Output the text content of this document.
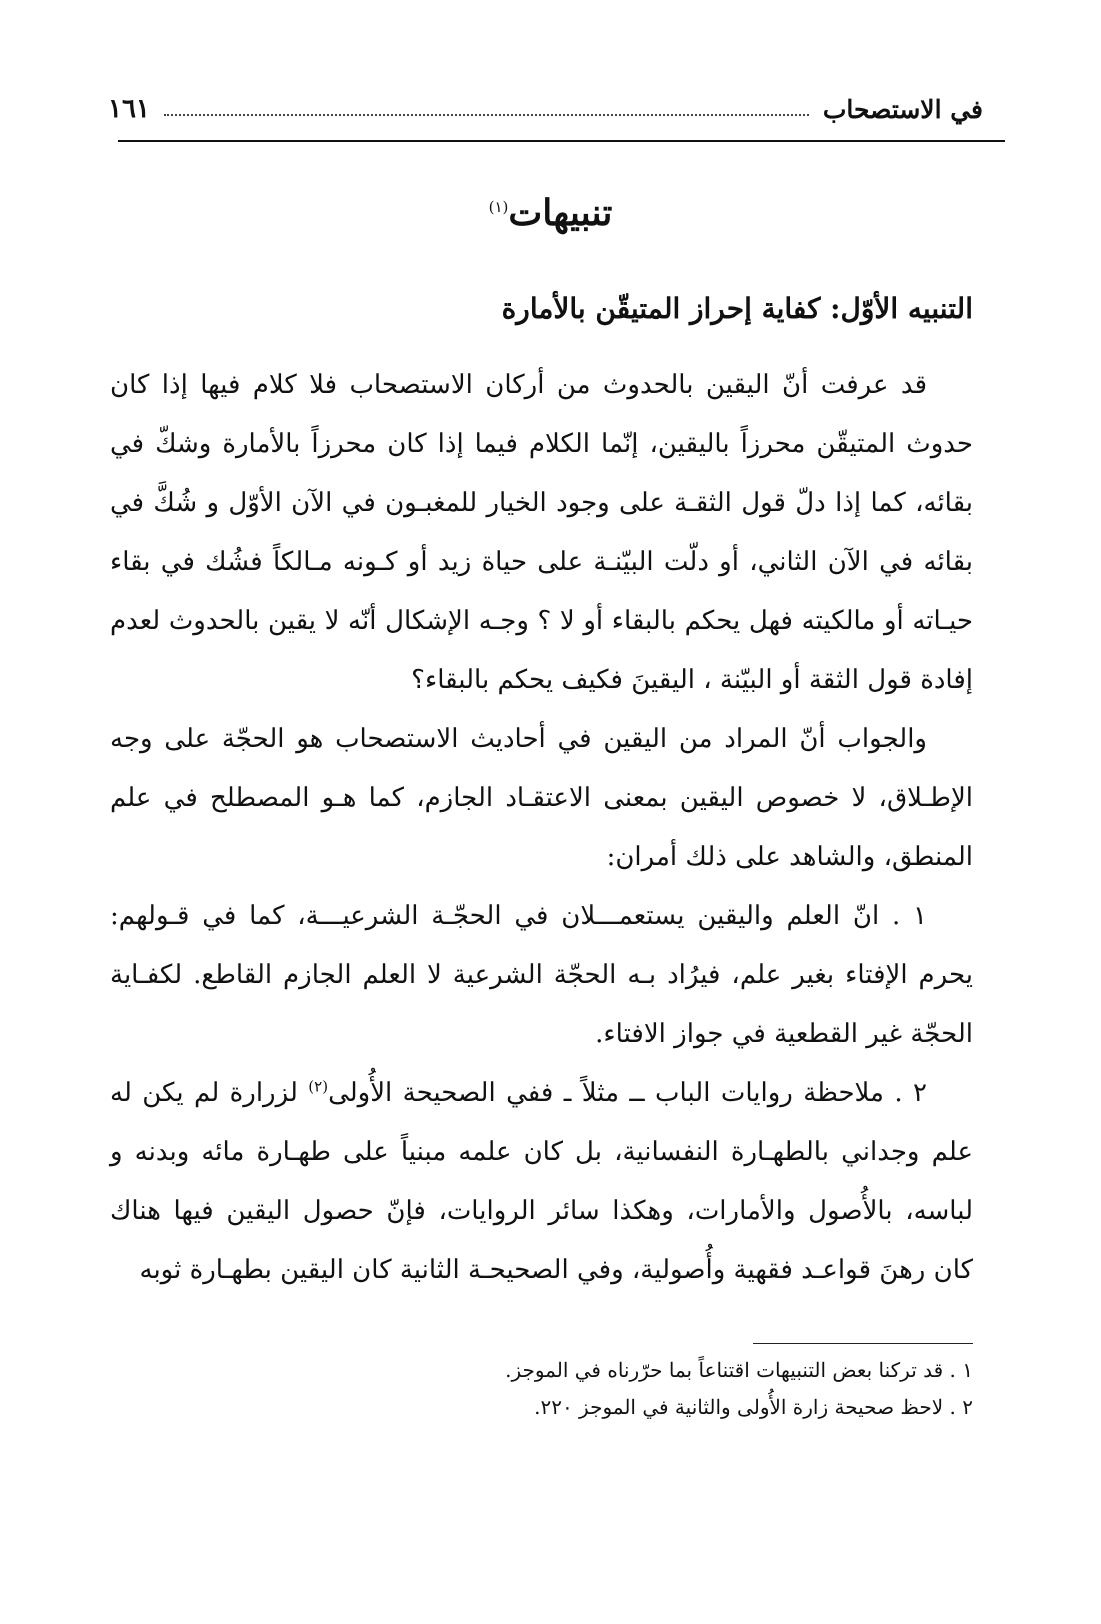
في الاستصحاب
١٦١
تنبيهات$^{(١)}$
التنبيه الأوّل: كفاية إحراز المتيقّن بالأمارة

قد عرفت أنّ اليقين بالحدوث من أركان الاستصحاب فلا كلام فيها إذا كان حدوث المتيقّن محرزاً باليقين، إنّما الكلام فيما إذا كان محرزاً بالأمارة وشكّ في بقائه، كما إذا دلّ قول الثقـة على وجود الخيار للمغبـون في الآن الأوّل و شُكَّ في بقائه في الآن الثاني، أو دلّت البيّنـة على حياة زيد أو كـونه مـالكاً فشُك في بقاء حيـاته أو مالكيته فهل يحكم بالبقاء أو لا ؟ وجـه الإشكال أنّه لا يقين بالحدوث لعدم إفادة قول الثقة أو البيّنة ، اليقينَ فكيف يحكم بالبقاء؟

والجواب أنّ المراد من اليقين في أحاديث الاستصحاب هو الحجّة على وجه الإطـلاق، لا خصوص اليقين بمعنى الاعتقـاد الجازم، كما هـو المصطلح في علم المنطق، والشاهد على ذلك أمران:

١ . انّ العلم واليقين يستعمـــلان في الحجّـة الشرعيـــة، كما في قـولهم: يحرم الإفتاء بغير علم، فيرُاد بـه الحجّة الشرعية لا العلم الجازم القاطع. لكفـاية الحجّة غير القطعية في جواز الافتاء.

٢ . ملاحظة روايات الباب ــ مثلاً ـ ففي الصحيحة الأُولى$^{(٢)}$ لزرارة لم يكن له علم وجداني بالطهـارة النفسانية، بل كان علمه مبنياً على طهـارة مائه وبدنه و لباسه، بالأُصول والأمارات، وهكذا سائر الروايات، فإنّ حصول اليقين فيها هناك كان رهنَ قواعـد فقهية وأُصولية، وفي الصحيحـة الثانية كان اليقين بطهـارة ثوبه

١ . قد تركنا بعض التنبيهات اقتناعاً بما حرّرناه في الموجز.

٢ . لاحظ صحيحة زارة الأُولى والثانية في الموجز ٢٢٠.
